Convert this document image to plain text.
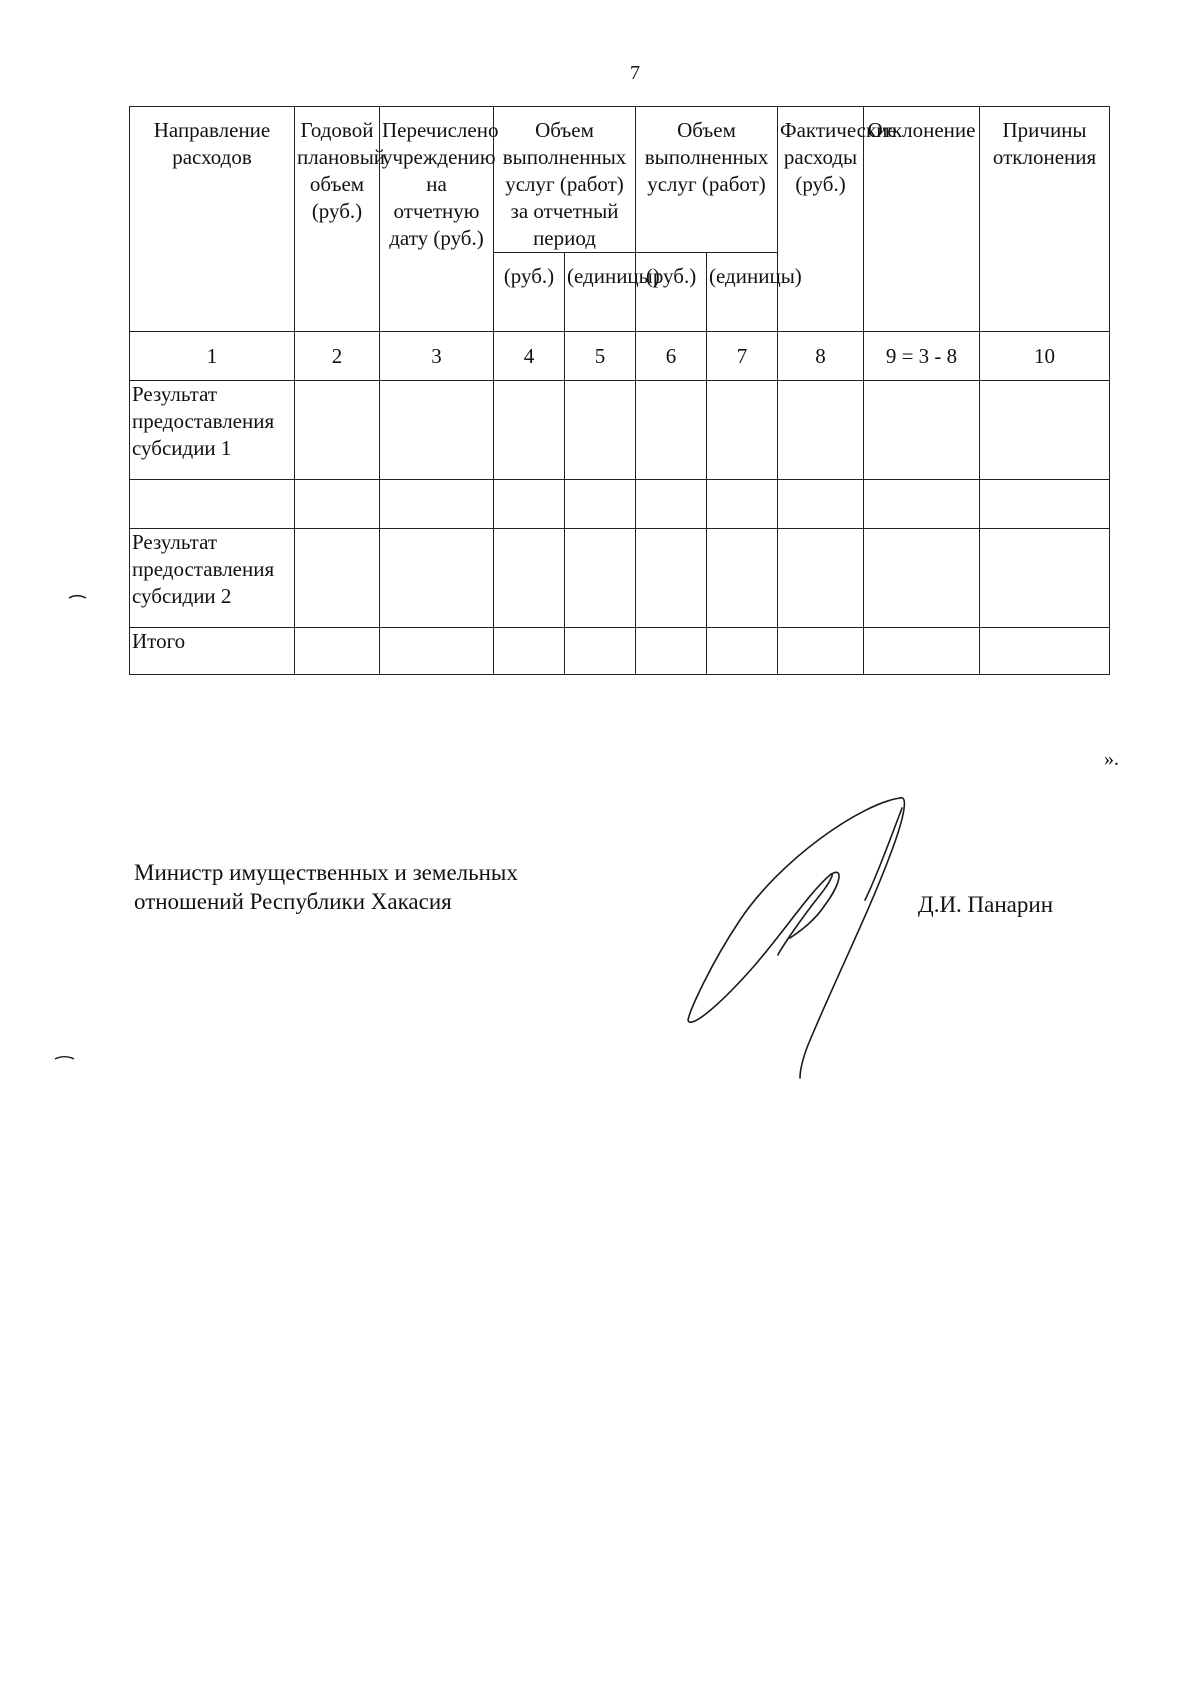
7
Направление расходов	Годовой плановый объем (руб.)	Перечислено учреждению на отчетную дату (руб.)	Объем выполненных услуг (работ) за отчетный период		Объем выполненных услуг (работ)		Фактические расходы (руб.)	Отклонение	Причины отклонения
			(руб.)	(единицы)	(руб.)	(единицы)			
1	2	3	4	5	6	7	8	9 = 3 - 8	10
Результат предоставления субсидии 1									

Результат предоставления субсидии 2									
Итого									
».
Министр имущественных и земельных
отношений Республики Хакасия	Д.И. Панарин
